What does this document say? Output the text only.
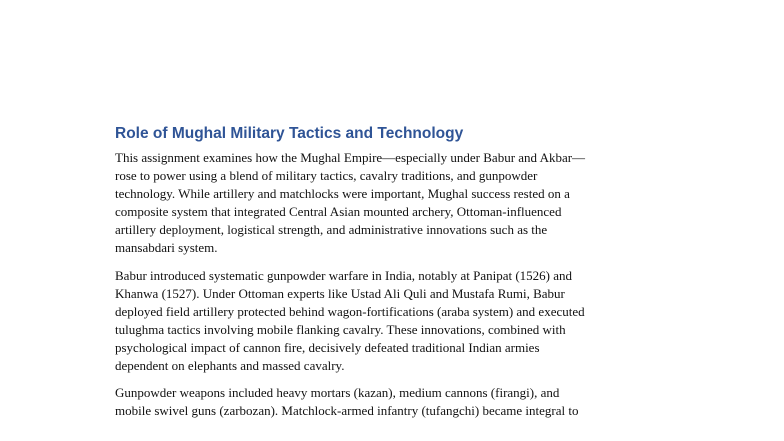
Role of Mughal Military Tactics and Technology

This assignment examines how the Mughal Empire—especially under Babur and Akbar—
rose to power using a blend of military tactics, cavalry traditions, and gunpowder
technology. While artillery and matchlocks were important, Mughal success rested on a
composite system that integrated Central Asian mounted archery, Ottoman-influenced
artillery deployment, logistical strength, and administrative innovations such as the
mansabdari system.

Babur introduced systematic gunpowder warfare in India, notably at Panipat (1526) and
Khanwa (1527). Under Ottoman experts like Ustad Ali Quli and Mustafa Rumi, Babur
deployed field artillery protected behind wagon-fortifications (araba system) and executed
tulughma tactics involving mobile flanking cavalry. These innovations, combined with
psychological impact of cannon fire, decisively defeated traditional Indian armies
dependent on elephants and massed cavalry.

Gunpowder weapons included heavy mortars (kazan), medium cannons (firangi), and
mobile swivel guns (zarbozan). Matchlock-armed infantry (tufangchi) became integral to
